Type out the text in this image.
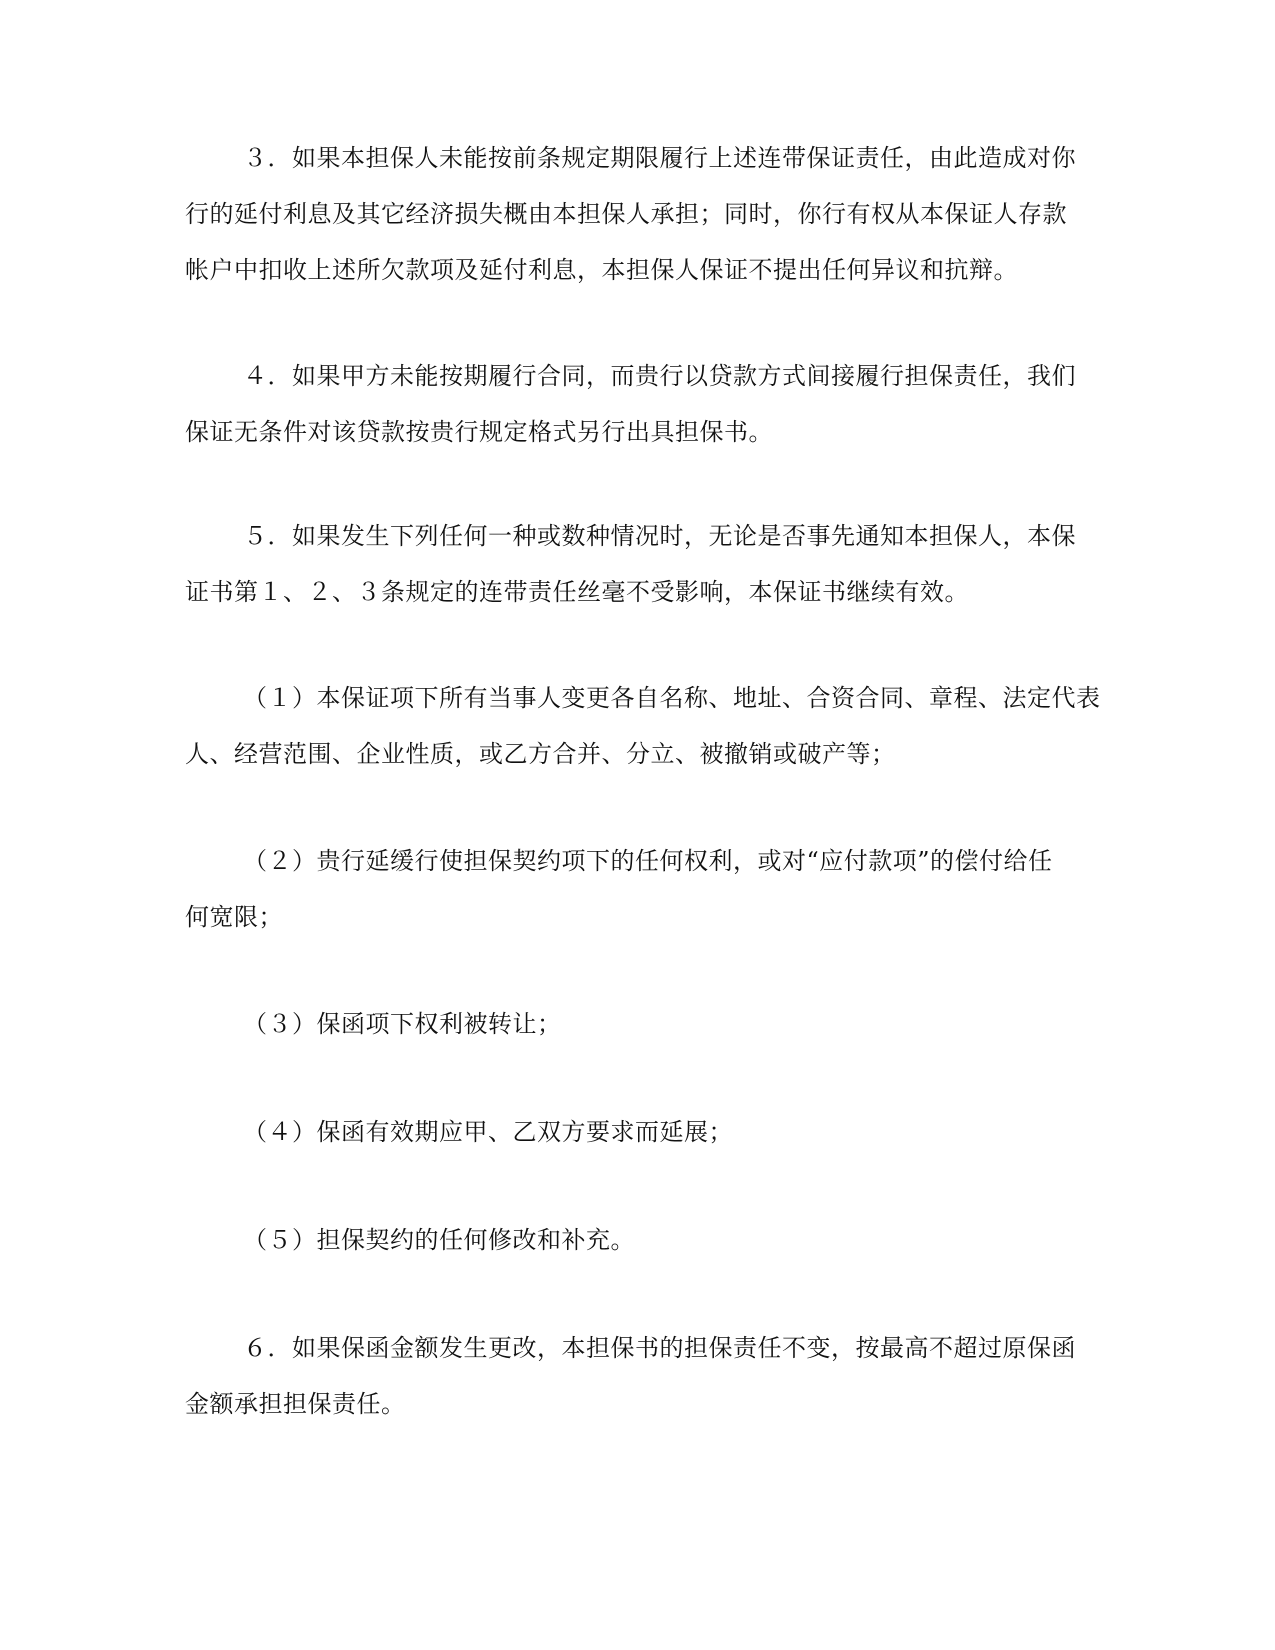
３．如果本担保人未能按前条规定期限履行上述连带保证责任，由此造成对你
行的延付利息及其它经济损失概由本担保人承担；同时，你行有权从本保证人存款
帐户中扣收上述所欠款项及延付利息，本担保人保证不提出任何异议和抗辩。

４．如果甲方未能按期履行合同，而贵行以贷款方式间接履行担保责任，我们
保证无条件对该贷款按贵行规定格式另行出具担保书。

５．如果发生下列任何一种或数种情况时，无论是否事先通知本担保人，本保
证书第１、２、３条规定的连带责任丝毫不受影响，本保证书继续有效。

（１）本保证项下所有当事人变更各自名称、地址、合资合同、章程、法定代表
人、经营范围、企业性质，或乙方合并、分立、被撤销或破产等；

（２）贵行延缓行使担保契约项下的任何权利，或对“应付款项”的偿付给任
何宽限；

（３）保函项下权利被转让；

（４）保函有效期应甲、乙双方要求而延展；

（５）担保契约的任何修改和补充。

６．如果保函金额发生更改，本担保书的担保责任不变，按最高不超过原保函
金额承担担保责任。
